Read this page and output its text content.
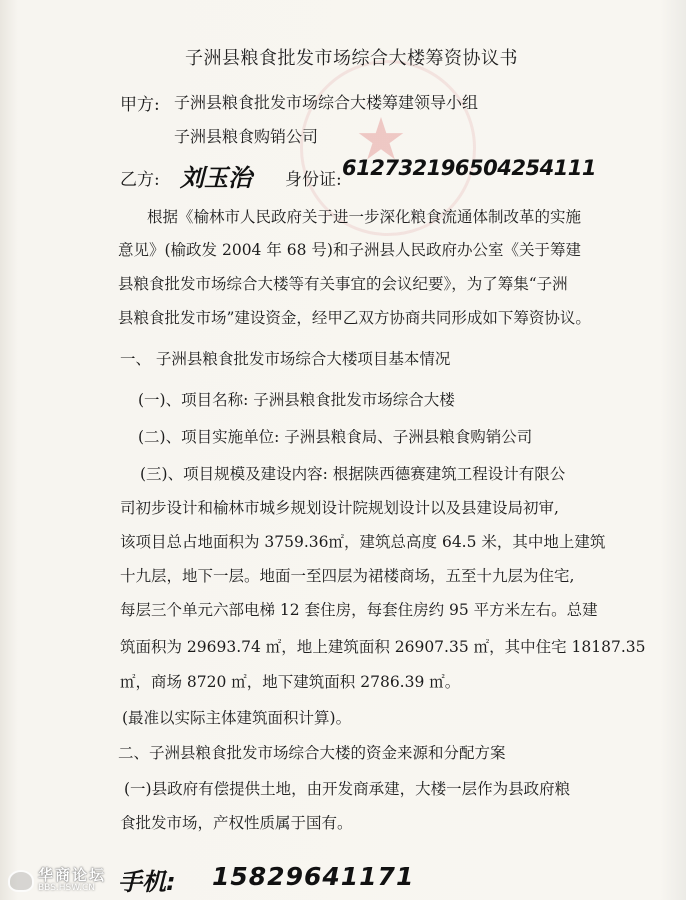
★
子洲县粮食批发市场综合大楼筹资协议书
甲方: 子洲县粮食批发市场综合大楼筹建领导小组
子洲县粮食购销公司
乙方: 刘玉治 身份证: 612732196504254111
根据《榆林市人民政府关于进一步深化粮食流通体制改革的实施
意见》(榆政发 2004 年 68 号)和子洲县人民政府办公室《关于筹建
县粮食批发市场综合大楼等有关事宜的会议纪要》，为了筹集“子洲
县粮食批发市场”建设资金，经甲乙双方协商共同形成如下筹资协议。
一、 子洲县粮食批发市场综合大楼项目基本情况
(一)、项目名称: 子洲县粮食批发市场综合大楼
(二)、项目实施单位: 子洲县粮食局、子洲县粮食购销公司
(三)、项目规模及建设内容: 根据陕西德赛建筑工程设计有限公
司初步设计和榆林市城乡规划设计院规划设计以及县建设局初审,
该项目总占地面积为 3759.36㎡，建筑总高度 64.5 米，其中地上建筑
十九层，地下一层。地面一至四层为裙楼商场，五至十九层为住宅,
每层三个单元六部电梯 12 套住房，每套住房约 95 平方米左右。总建
筑面积为 29693.74 ㎡，地上建筑面积 26907.35 ㎡，其中住宅 18187.35
㎡，商场 8720 ㎡，地下建筑面积 2786.39 ㎡。
(最准以实际主体建筑面积计算)。
二、子洲县粮食批发市场综合大楼的资金来源和分配方案
(一)县政府有偿提供土地，由开发商承建，大楼一层作为县政府粮
食批发市场，产权性质属于国有。
手机: 15829641171
华商论坛
BBS.HSW.CN
